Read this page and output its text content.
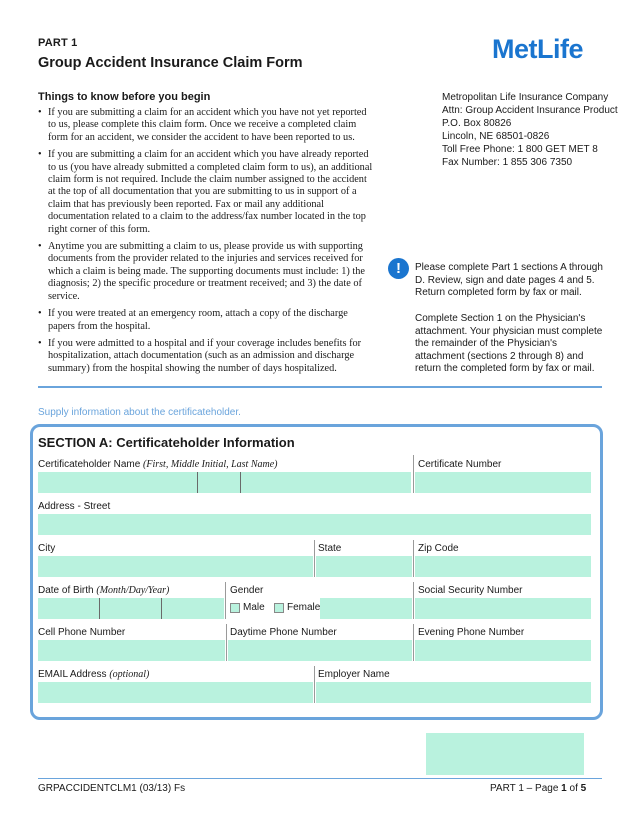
PART 1
Group Accident Insurance Claim Form	MetLife
Things to know before you begin
• If you are submitting a claim for an accident which you have not yet reported to us, please complete this claim form. Once we receive a completed claim form for an accident, we consider the accident to have been reported to us.
• If you are submitting a claim for an accident which you have already reported to us (you have already submitted a completed claim form to us), an additional claim form is not required. Include the claim number assigned to the accident at the top of all documentation that you are submitting to us in support of a claim that has previously been reported. Fax or mail any additional documentation related to a claim to the address/fax number located in the top right corner of this form.
• Anytime you are submitting a claim to us, please provide us with supporting documents from the provider related to the injuries and services received for which a claim is being made. The supporting documents must include: 1) the diagnosis; 2) the specific procedure or treatment received; and 3) the date of service.
• If you were treated at an emergency room, attach a copy of the discharge papers from the hospital.
• If you were admitted to a hospital and if your coverage includes benefits for hospitalization, attach documentation (such as an admission and discharge summary) from the hospital showing the number of days hospitalized.
Metropolitan Life Insurance Company
Attn: Group Accident Insurance Product
P.O. Box 80826
Lincoln, NE 68501-0826
Toll Free Phone: 1 800 GET MET 8
Fax Number: 1 855 306 7350
!	Please complete Part 1 sections A through D. Review, sign and date pages 4 and 5. Return completed form by fax or mail.
Complete Section 1 on the Physician's attachment. Your physician must complete the remainder of the Physician's attachment (sections 2 through 8) and return the completed form by fax or mail.
Supply information about the certificateholder.
SECTION A: Certificateholder Information
Certificateholder Name (First, Middle Initial, Last Name)	Certificate Number
Address - Street
City	State	Zip Code
Date of Birth (Month/Day/Year)	Gender	Social Security Number
Male Female
Cell Phone Number	Daytime Phone Number	Evening Phone Number
EMAIL Address (optional)	Employer Name
GRPACCIDENTCLM1 (03/13) Fs	PART 1 – Page 1 of 5
